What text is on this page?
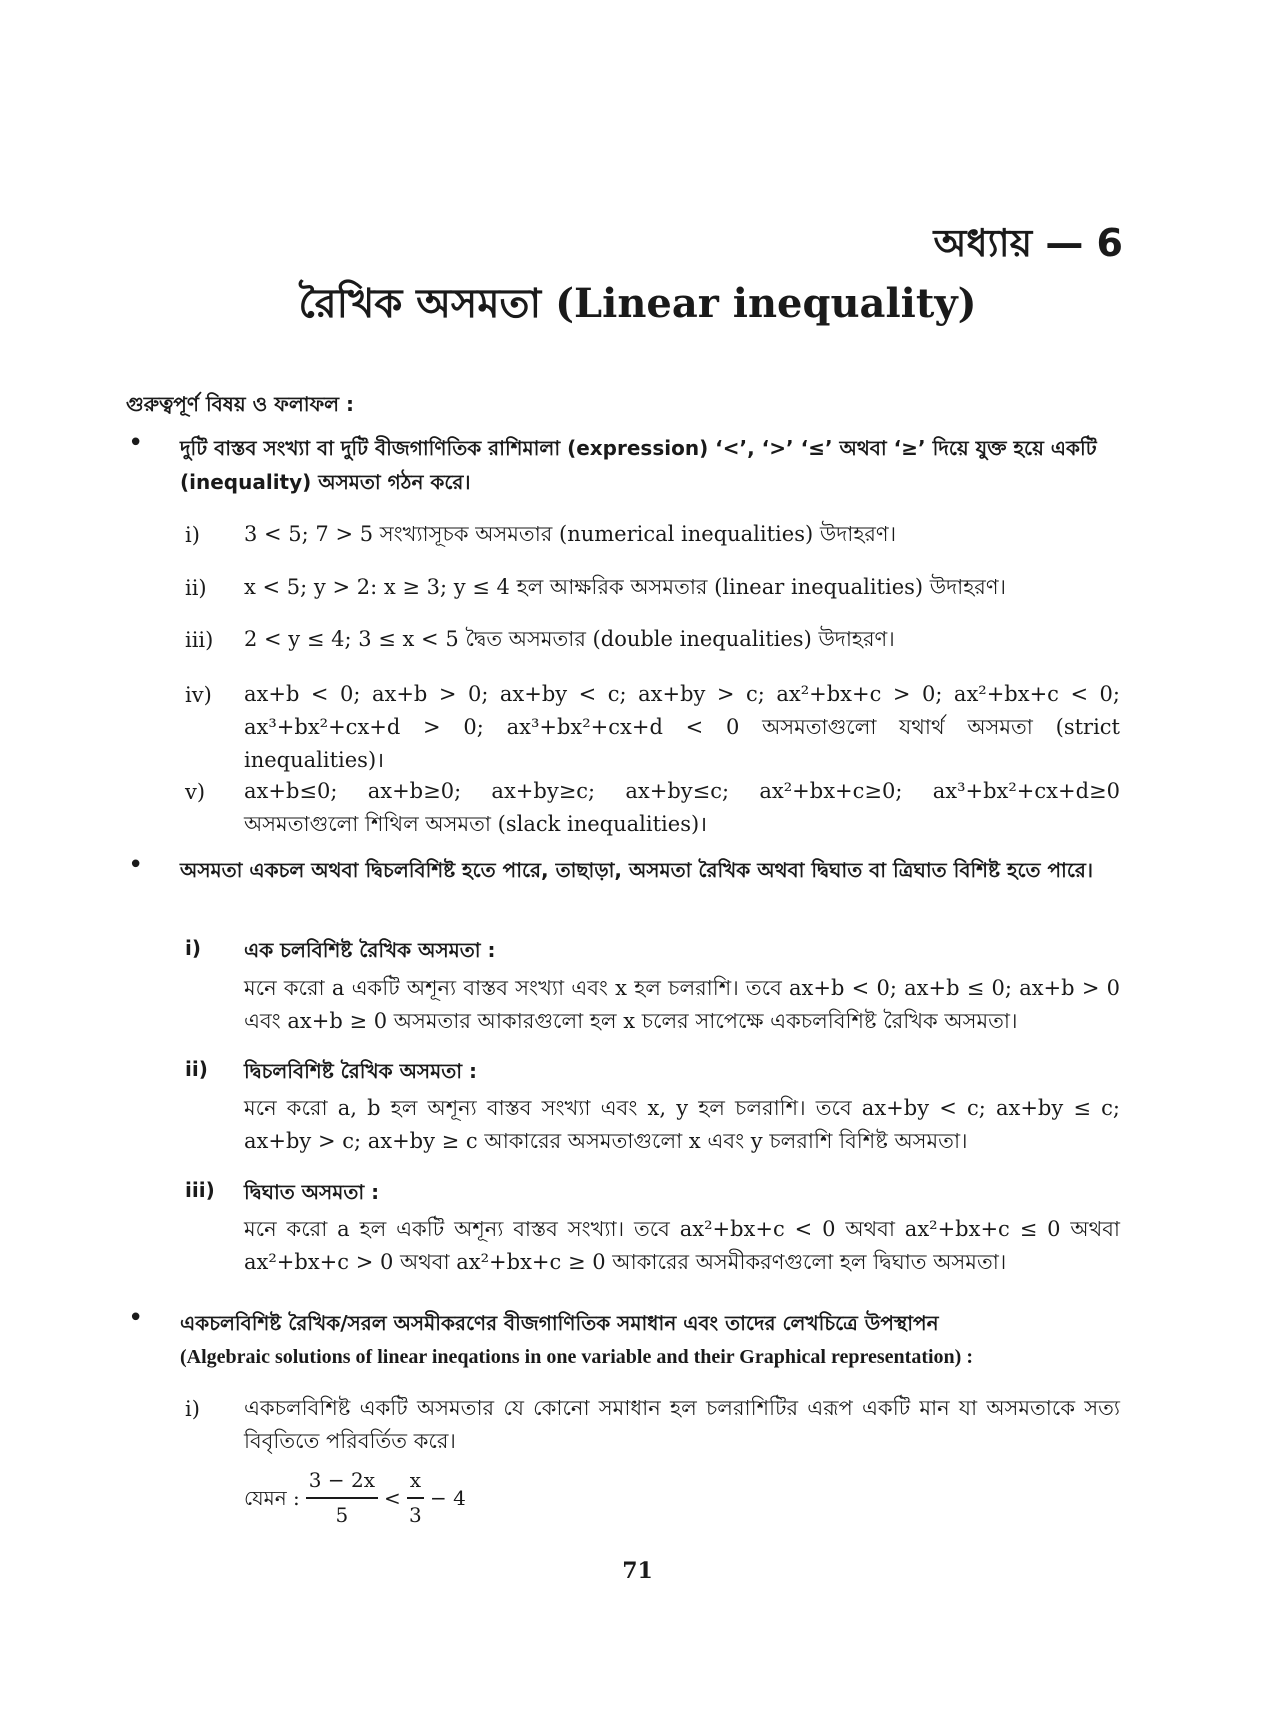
অধ্যায় — 6
রৈখিক অসমতা (Linear inequality)
গুরুত্বপূর্ণ বিষয় ও ফলাফল :
• দুটি বাস্তব সংখ্যা বা দুটি বীজগাণিতিক রাশিমালা (expression) ‘<’, ‘>’ ‘≤’ অথবা ‘≥’ দিয়ে যুক্ত হয়ে একটি (inequality) অসমতা গঠন করে।
i) 3 < 5; 7 > 5 সংখ্যাসূচক অসমতার (numerical inequalities) উদাহরণ।
ii) x < 5; y > 2: x ≥ 3; y ≤ 4 হল আক্ষরিক অসমতার (linear inequalities) উদাহরণ।
iii) 2 < y ≤ 4; 3 ≤ x < 5 দ্বৈত অসমতার (double inequalities) উদাহরণ।
iv) ax+b < 0; ax+b > 0; ax+by < c; ax+by > c; ax²+bx+c > 0; ax²+bx+c < 0; ax³+bx²+cx+d > 0; ax³+bx²+cx+d < 0 অসমতাগুলো যথার্থ অসমতা (strict inequalities)।
v) ax+b≤0; ax+b≥0; ax+by≥c; ax+by≤c; ax²+bx+c≥0; ax³+bx²+cx+d≥0 অসমতাগুলো শিথিল অসমতা (slack inequalities)।
• অসমতা একচল অথবা দ্বিচলবিশিষ্ট হতে পারে, তাছাড়া, অসমতা রৈখিক অথবা দ্বিঘাত বা ত্রিঘাত বিশিষ্ট হতে পারে।
i) এক চলবিশিষ্ট রৈখিক অসমতা :
মনে করো a একটি অশূন্য বাস্তব সংখ্যা এবং x হল চলরাশি। তবে ax+b < 0; ax+b ≤ 0; ax+b > 0 এবং ax+b ≥ 0 অসমতার আকারগুলো হল x চলের সাপেক্ষে একচলবিশিষ্ট রৈখিক অসমতা।
ii) দ্বিচলবিশিষ্ট রৈখিক অসমতা :
মনে করো a, b হল অশূন্য বাস্তব সংখ্যা এবং x, y হল চলরাশি। তবে ax+by < c; ax+by ≤ c; ax+by > c; ax+by ≥ c আকারের অসমতাগুলো x এবং y চলরাশি বিশিষ্ট অসমতা।
iii) দ্বিঘাত অসমতা :
মনে করো a হল একটি অশূন্য বাস্তব সংখ্যা। তবে ax²+bx+c < 0 অথবা ax²+bx+c ≤ 0 অথবা ax²+bx+c > 0 অথবা ax²+bx+c ≥ 0 আকারের অসমীকরণগুলো হল দ্বিঘাত অসমতা।
• একচলবিশিষ্ট রৈখিক/সরল অসমীকরণের বীজগাণিতিক সমাধান এবং তাদের লেখচিত্রে উপস্থাপন
(Algebraic solutions of linear ineqations in one variable and their Graphical representation) :
i) একচলবিশিষ্ট একটি অসমতার যে কোনো সমাধান হল চলরাশিটির এরূপ একটি মান যা অসমতাকে সত্য বিবৃতিতে পরিবর্তিত করে।
যেমন : $\frac{3 - 2x}{5} < \frac{x}{3} - 4$
71
